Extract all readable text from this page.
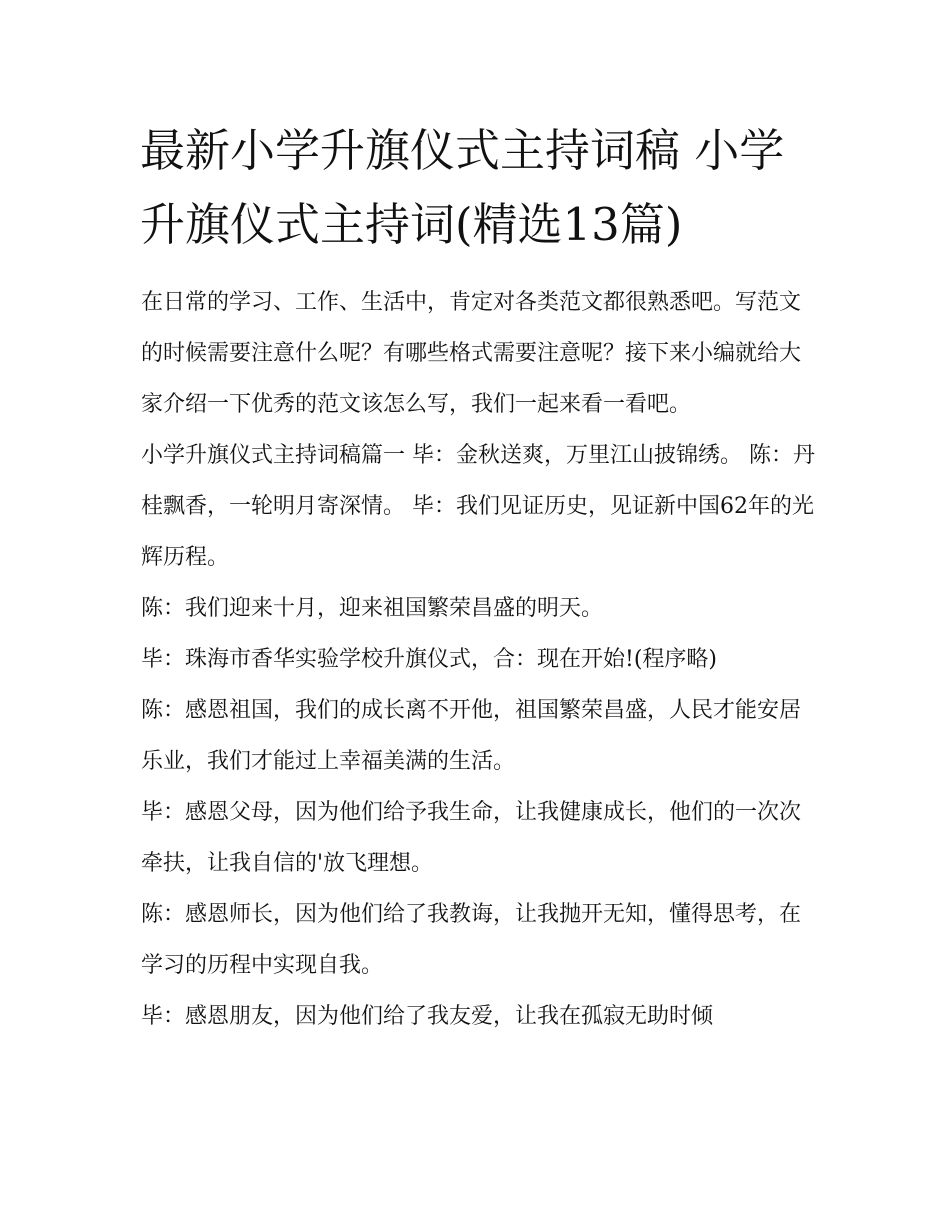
最新小学升旗仪式主持词稿 小学升旗仪式主持词(精选13篇)

在日常的学习、工作、生活中，肯定对各类范文都很熟悉吧。写范文的时候需要注意什么呢？有哪些格式需要注意呢？接下来小编就给大家介绍一下优秀的范文该怎么写，我们一起来看一看吧。

小学升旗仪式主持词稿篇一 毕：金秋送爽，万里江山披锦绣。 陈：丹桂飘香，一轮明月寄深情。 毕：我们见证历史，见证新中国62年的光辉历程。

陈：我们迎来十月，迎来祖国繁荣昌盛的明天。

毕：珠海市香华实验学校升旗仪式，合：现在开始!(程序略)

陈：感恩祖国，我们的成长离不开他，祖国繁荣昌盛，人民才能安居乐业，我们才能过上幸福美满的生活。

毕：感恩父母，因为他们给予我生命，让我健康成长，他们的一次次牵扶，让我自信的'放飞理想。

陈：感恩师长，因为他们给了我教诲，让我抛开无知，懂得思考，在学习的历程中实现自我。

毕：感恩朋友，因为他们给了我友爱，让我在孤寂无助时倾
